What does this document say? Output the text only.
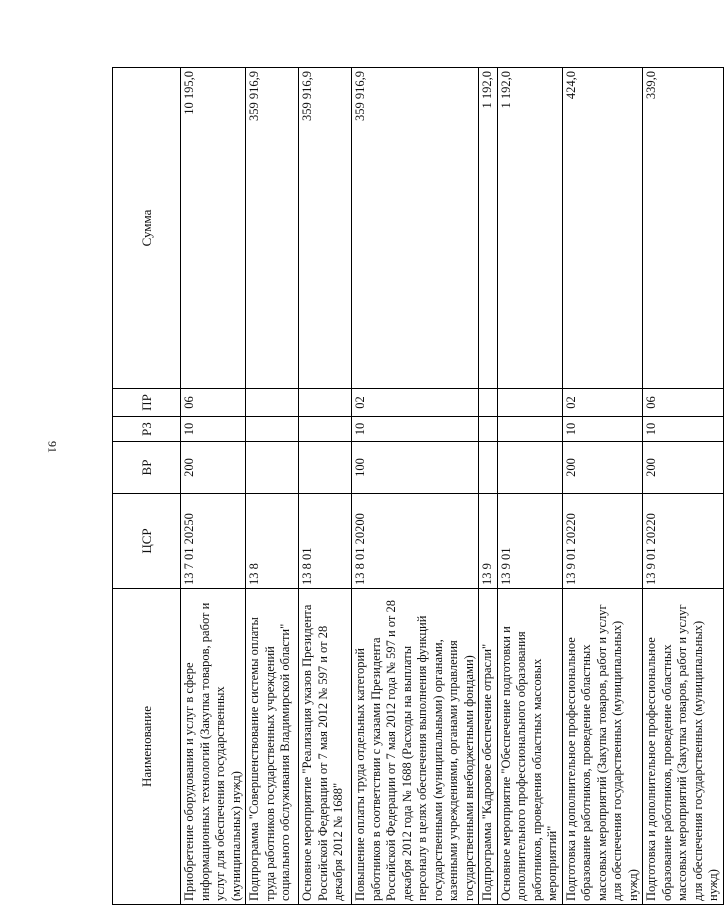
91
Наименование	ЦСР	ВР	РЗ	ПР	Сумма
Приобретение оборудования и услуг в сфере информационных технологий (Закупка товаров, работ и услуг для обеспечения государственных (муниципальных) нужд)	13 7 01 20250	200	10	06	10 195,0
Подпрограмма "Совершенствование системы оплаты труда работников государственных учреждений социального обслуживания Владимирской области"	13 8				359 916,9
Основное мероприятие "Реализация указов Президента Российской Федерации от 7 мая 2012 № 597 и от 28 декабря 2012 № 1688"	13 8 01				359 916,9
Повышение оплаты труда отдельных категорий работников в соответствии с указами Президента Российской Федерации от 7 мая 2012 года № 597 и от 28 декабря 2012 года № 1688 (Расходы на выплаты персоналу в целях обеспечения выполнения функций государственными (муниципальными) органами, казенными учреждениями, органами управления государственными внебюджетными фондами)	13 8 01 20200	100	10	02	359 916,9
Подпрограмма "Кадровое обеспечение отрасли"	13 9				1 192,0
Основное мероприятие "Обеспечение подготовки и дополнительного профессионального образования работников, проведения областных массовых мероприятий"	13 9 01				1 192,0
Подготовка и дополнительное профессиональное образование работников, проведение областных массовых мероприятий (Закупка товаров, работ и услуг для обеспечения государственных (муниципальных) нужд)	13 9 01 20220	200	10	02	424,0
Подготовка и дополнительное профессиональное образование работников, проведение областных массовых мероприятий (Закупка товаров, работ и услуг для обеспечения государственных (муниципальных) нужд)	13 9 01 20220	200	10	06	339,0
